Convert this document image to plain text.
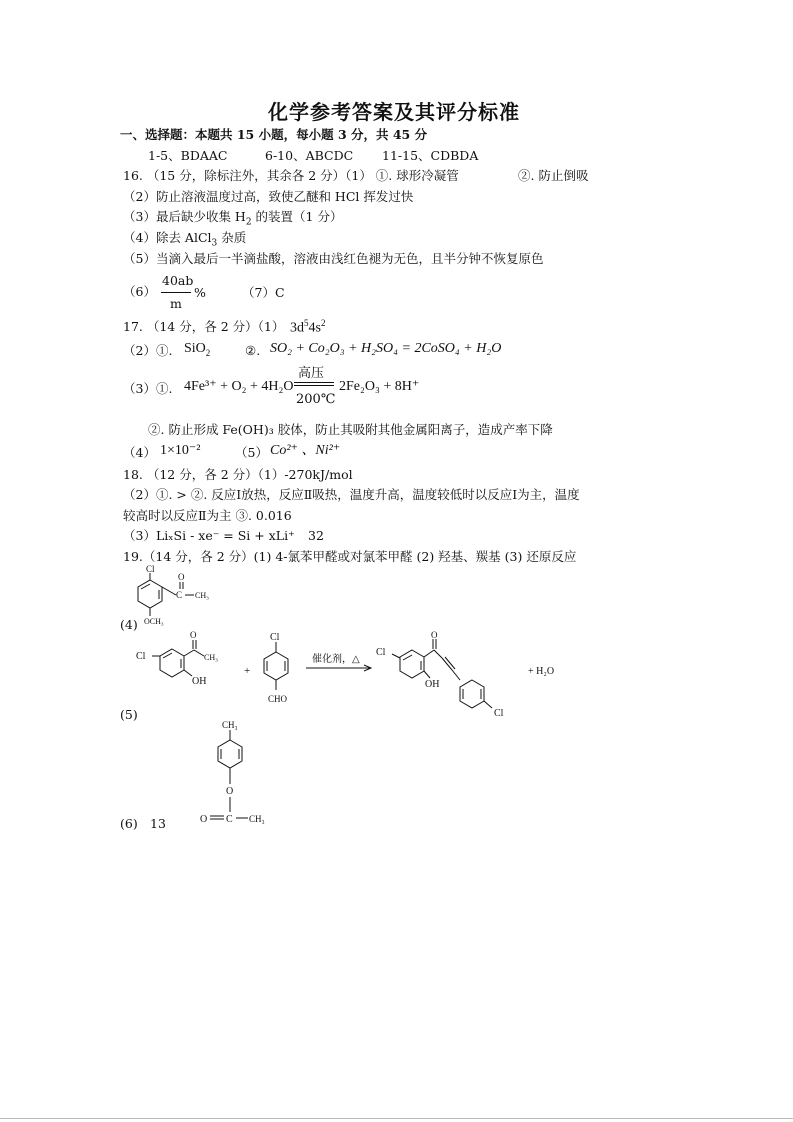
化学参考答案及其评分标准
一、选择题：本题共 15 小题，每小题 3 分，共 45 分
1-5、BDAAC	6-10、ABCDC 11-15、CDBDA
16. （15 分，除标注外，其余各 2 分）（1） ①. 球形冷凝管	②. 防止倒吸
（2）防止溶液温度过高，致使乙醚和 HCl 挥发过快
（3）最后缺少收集 $H_2$ 的装置（1 分）
（4）除去 AlCl$_3$ 杂质
（5）当滴入最后一半滴盐酸，溶液由浅红色褪为无色，且半分钟不恢复原色
（6）
40ab
m
%	（7）C
17. （14 分，各 2 分）（1） $3d^54s^2$
（2）①. SiO$_2$	②. SO₂ + Co₂O₃ + H₂SO₄ = 2CoSO₄ + H₂O
（3）①. 4Fe³⁺ + O₂ + 4H₂O
高压
200℃
2Fe₂O₃ + 8H⁺
②. 防止形成 Fe(OH)₃ 胶体，防止其吸附其他金属阳离子，造成产率下降
（4） 1×10⁻²	（5） Co²⁺ 、Ni²⁺
18. （12 分，各 2 分）（1）-270kJ/mol
（2）①. > ②. 反应Ⅰ放热，反应Ⅱ吸热，温度升高，温度较低时以反应Ⅰ为主，温度
较高时以反应Ⅱ为主 ③. 0.016
（3）LiₓSi - xe⁻ = Si + xLi⁺ 32
19.（14 分，各 2 分）(1) 4-氯苯甲醛或对氯苯甲醛 (2) 羟基、羰基 (3) 还原反应
Cl
C
O
CH₃
OCH₃
(4)
Cl
O
CH₃
OH
+
Cl
CHO
催化剂，△
Cl
O
OH
Cl
+ H₂O
(5)
CH₃
O
O C CH₃
(6) 13
